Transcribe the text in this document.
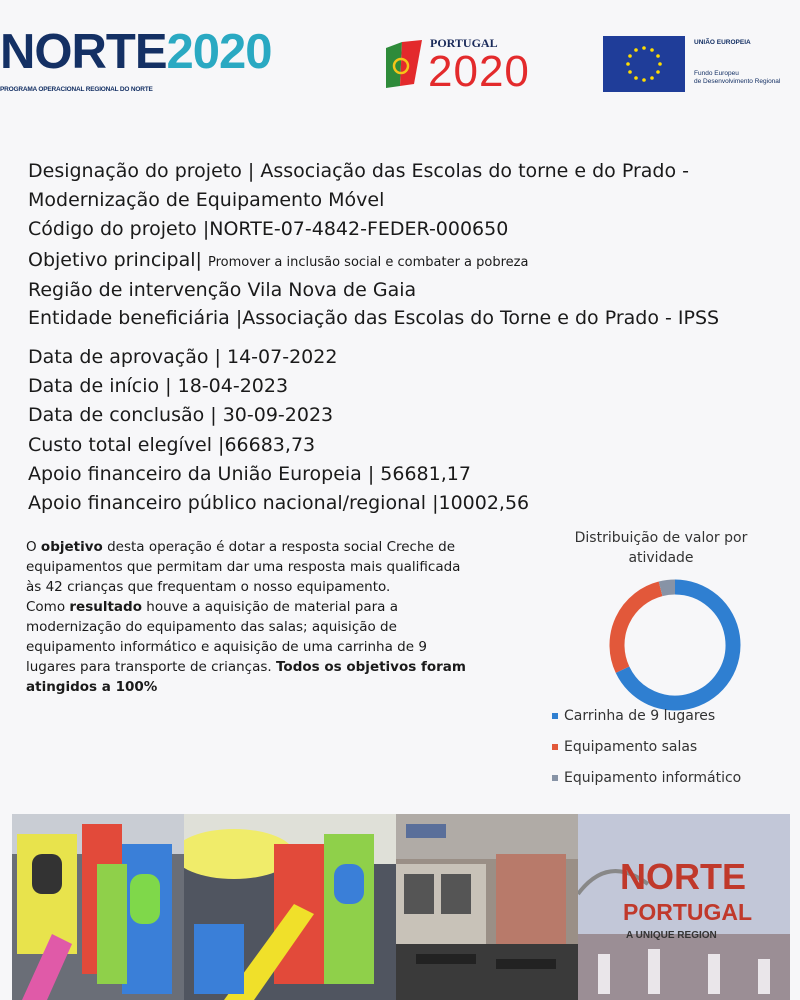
NORTE2020
PROGRAMA OPERACIONAL REGIONAL DO NORTE
PORTUGAL
2020
UNIÃO EUROPEIA
Fundo Europeu
de Desenvolvimento Regional
Designação do projeto | Associação das Escolas do torne e do Prado -
Modernização de Equipamento Móvel
Código do projeto |NORTE-07-4842-FEDER-000650
Objetivo principal| Promover a inclusão social e combater a pobreza
Região de intervenção Vila Nova de Gaia
Entidade beneficiária |Associação das Escolas do Torne e do Prado - IPSS
Data de aprovação | 14-07-2022
Data de início | 18-04-2023
Data de conclusão | 30-09-2023
Custo total elegível |66683,73
Apoio financeiro da União Europeia | 56681,17
Apoio financeiro público nacional/regional |10002,56
O objetivo desta operação é dotar a resposta social Creche de
equipamentos que permitam dar uma resposta mais qualificada
às 42 crianças que frequentam o nosso equipamento.
Como resultado houve a aquisição de material para a
modernização do equipamento das salas; aquisição de
equipamento informático e aquisição de uma carrinha de 9
lugares para transporte de crianças. Todos os objetivos foram
atingidos a 100%
Distribuição de valor por
atividade
Carrinha de 9 lugares
Equipamento salas
Equipamento informático
NORTE
PORTUGAL
A UNIQUE REGION
